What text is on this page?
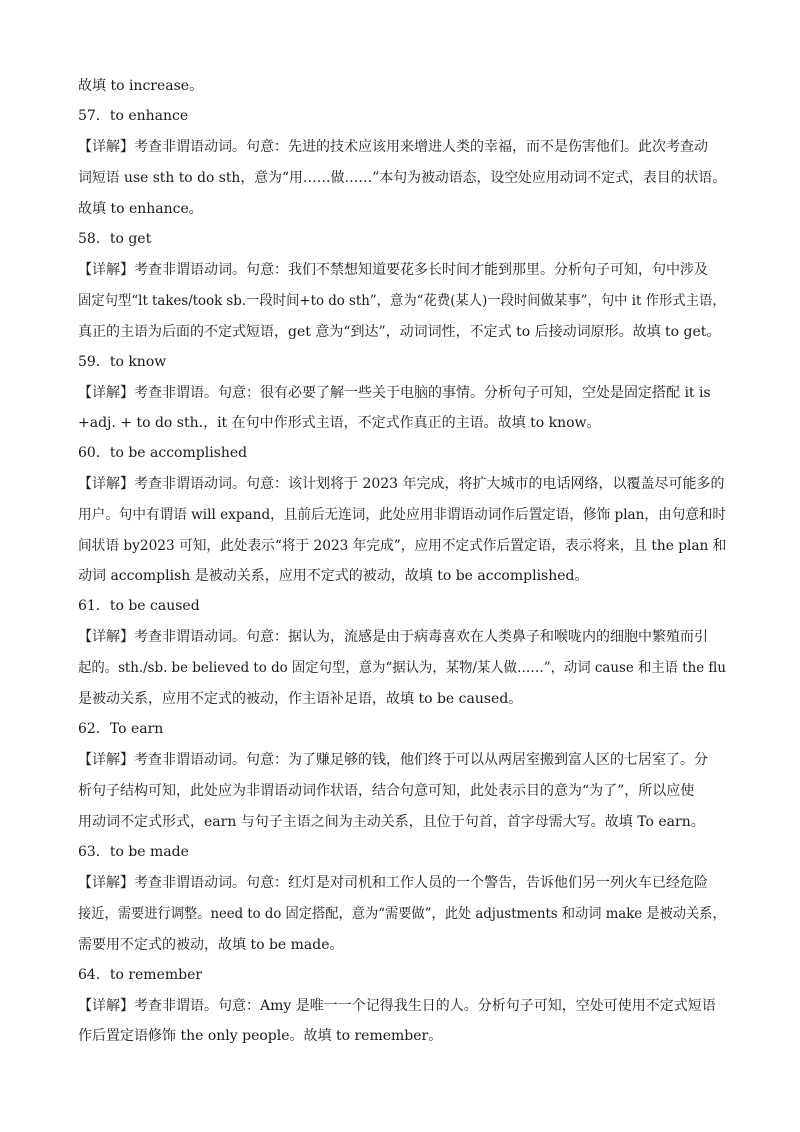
故填 to increase。
57．to enhance
【详解】考查非谓语动词。句意：先进的技术应该用来增进人类的幸福，而不是伤害他们。此次考查动
词短语 use sth to do sth，意为“用……做……”本句为被动语态，设空处应用动词不定式，表目的状语。
故填 to enhance。
58．to get
【详解】考查非谓语动词。句意：我们不禁想知道要花多长时间才能到那里。分析句子可知，句中涉及
固定句型“lt takes/took sb.一段时间+to do sth”，意为“花费(某人)一段时间做某事”，句中 it 作形式主语，
真正的主语为后面的不定式短语，get 意为“到达”，动词词性，不定式 to 后接动词原形。故填 to get。
59．to know
【详解】考查非谓语。句意：很有必要了解一些关于电脑的事情。分析句子可知，空处是固定搭配 it is
+adj. + to do sth.，it 在句中作形式主语，不定式作真正的主语。故填 to know。
60．to be accomplished
【详解】考查非谓语动词。句意：该计划将于 2023 年完成，将扩大城市的电话网络，以覆盖尽可能多的
用户。句中有谓语 will expand，且前后无连词，此处应用非谓语动词作后置定语，修饰 plan，由句意和时
间状语 by2023 可知，此处表示“将于 2023 年完成”，应用不定式作后置定语，表示将来，且 the plan 和
动词 accomplish 是被动关系，应用不定式的被动，故填 to be accomplished。
61．to be caused
【详解】考查非谓语动词。句意：据认为，流感是由于病毒喜欢在人类鼻子和喉咙内的细胞中繁殖而引
起的。sth./sb. be believed to do 固定句型，意为“据认为，某物/某人做……”，动词 cause 和主语 the flu
是被动关系，应用不定式的被动，作主语补足语，故填 to be caused。
62．To earn
【详解】考查非谓语动词。句意：为了赚足够的钱，他们终于可以从两居室搬到富人区的七居室了。分
析句子结构可知，此处应为非谓语动词作状语，结合句意可知，此处表示目的意为“为了”，所以应使
用动词不定式形式，earn 与句子主语之间为主动关系，且位于句首，首字母需大写。故填 To earn。
63．to be made
【详解】考查非谓语动词。句意：红灯是对司机和工作人员的一个警告，告诉他们另一列火车已经危险
接近，需要进行调整。need to do 固定搭配，意为“需要做”，此处 adjustments 和动词 make 是被动关系，
需要用不定式的被动，故填 to be made。
64．to remember
【详解】考查非谓语。句意：Amy 是唯一一个记得我生日的人。分析句子可知，空处可使用不定式短语
作后置定语修饰 the only people。故填 to remember。
